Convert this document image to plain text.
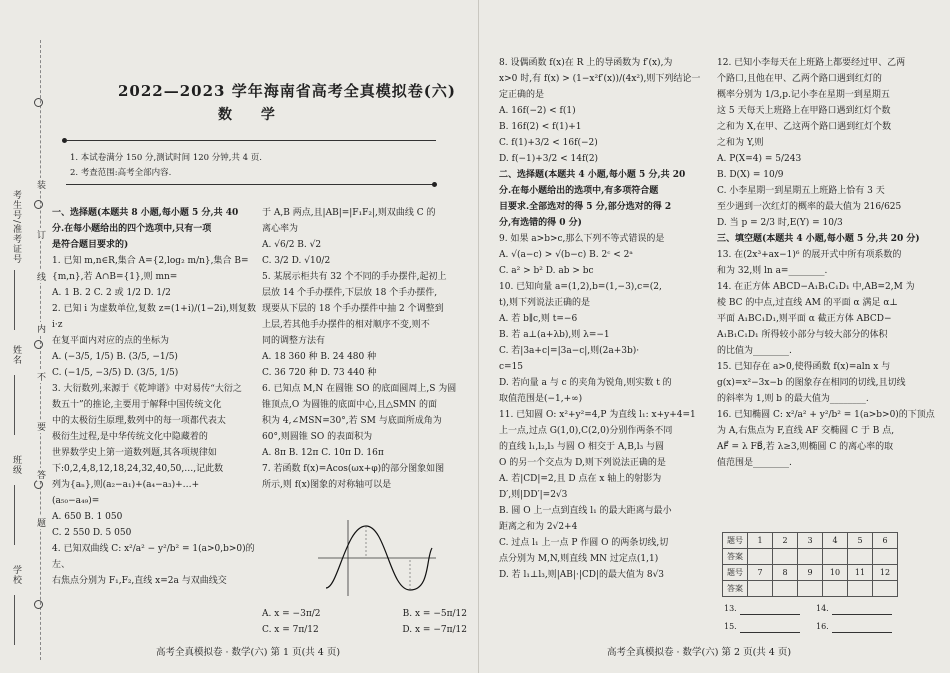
考生号/准考证号
姓名
班级
学校
装
订
线
内
不
要
答
题
2022—2023 学年海南省高考全真模拟卷(六)
数 学
1. 本试卷满分 150 分,测试时间 120 分钟,共 4 页.
2. 考查范围:高考全部内容.

一、选择题(本题共 8 小题,每小题 5 分,共 40

分.在每小题给出的四个选项中,只有一项

是符合题目要求的)

1. 已知 m,n∈R,集合 A={2,log₂ m/n},集合 B=

{m,n},若 A∩B={1},则 mn=

A. 1 B. 2 C. 2 或 1/2 D. 1/2

2. 已知 i 为虚数单位,复数 z=(1+i)/(1−2i),则复数 i·z

在复平面内对应的点的坐标为

A. (−3/5, 1/5) B. (3/5, −1/5)

C. (−1/5, −3/5) D. (3/5, 1/5)

3. 大衍数列,来源于《乾坤谱》中对易传“大衍之

数五十”的推论,主要用于解释中国传统文化

中的太极衍生原理,数列中的每一项都代表太

极衍生过程,是中华传统文化中隐藏着的

世界数学史上第一道数列题,其各项规律如

下:0,2,4,8,12,18,24,32,40,50,…,记此数

列为{aₙ},则(a₂−a₁)+(a₄−a₃)+…+

(a₅₀−a₄₉)=

A. 650 B. 1 050

C. 2 550 D. 5 050

4. 已知双曲线 C: x²/a² − y²/b² = 1(a>0,b>0)的左、

右焦点分别为 F₁,F₂,直线 x=2a 与双曲线交

于 A,B 两点,且|AB|=|F₁F₂|,则双曲线 C 的

离心率为

A. √6/2 B. √2

C. 3/2 D. √10/2

5. 某展示柜共有 32 个不同的手办摆件,起初上

层放 14 个手办摆件,下层放 18 个手办摆件,

现要从下层的 18 个手办摆件中抽 2 个调整到

上层,若其他手办摆件的相对顺序不变,则不

同的调整方法有

A. 18 360 种 B. 24 480 种

C. 36 720 种 D. 73 440 种

6. 已知点 M,N 在圆锥 SO 的底面圆周上,S 为圆

锥顶点,O 为圆锥的底面中心,且△SMN 的面

积为 4,∠MSN=30°,若 SM 与底面所成角为

60°,则圆锥 SO 的表面积为

A. 8π B. 12π C. 10π D. 16π

7. 若函数 f(x)=Acos(ωx+φ)的部分图象如图

所示,则 f(x)图象的对称轴可以是

A. x = −3π/2	B. x = −5π/12
C. x = 7π/12	D. x = −7π/12
高考全真模拟卷 · 数学(六) 第 1 页(共 4 页)

8. 设偶函数 f(x)在 R 上的导函数为 f′(x),为

x>0 时,有 f(x) > (1−x²f′(x))/(4x²),则下列结论一

定正确的是

A. 16f(−2) < f(1)

B. 16f(2) < f(1)+1

C. f(1)+3/2 < 16f(−2)

D. f(−1)+3/2 < 14f(2)

二、选择题(本题共 4 小题,每小题 5 分,共 20

分.在每小题给出的选项中,有多项符合题

目要求.全部选对的得 5 分,部分选对的得 2

分,有选错的得 0 分)

9. 如果 a>b>c,那么下列不等式错误的是

A. √(a−c) > √(b−c) B. 2ᶜ < 2ᵃ

C. a² > b² D. ab > bc

10. 已知向量 a=(1,2),b=(1,−3),c=(2,

t),则下列说法正确的是

A. 若 b∥c,则 t=−6

B. 若 a⊥(a+λb),则 λ=−1

C. 若|3a+c|=|3a−c|,则(2a+3b)·

c=15

D. 若向量 a 与 c 的夹角为锐角,则实数 t 的

取值范围是(−1,+∞)

11. 已知圆 O: x²+y²=4,P 为直线 l₁: x+y+4=1

上一点,过点 G(1,0),C(2,0)分别作两条不同

的直线 l₁,l₂,l₃ 与圆 O 相交于 A,B,l₃ 与圆

O 的另一个交点为 D,则下列说法正确的是

A. 若|CD|=2,且 D 点在 x 轴上的射影为

D′,则|DD′|=2√3

B. 圆 O 上一点到直线 l₁ 的最大距离与最小

距离之和为 2√2+4

C. 过点 l₁ 上一点 P 作圆 O 的两条切线,切

点分别为 M,N,则直线 MN 过定点(1,1)

D. 若 l₁⊥l₃,则|AB|·|CD|的最大值为 8√3

12. 已知小李每天在上班路上都要经过甲、乙两

个路口,且他在甲、乙两个路口遇到红灯的

概率分别为 1/3,p.记小李在星期一到星期五

这 5 天每天上班路上在甲路口遇到红灯个数

之和为 X,在甲、乙这两个路口遇到红灯个数

之和为 Y,则

A. P(X=4) = 5/243

B. D(X) = 10/9

C. 小李星期一到星期五上班路上恰有 3 天

至少遇到一次红灯的概率的最大值为 216/625

D. 当 p = 2/3 时,E(Y) = 10/3

三、填空题(本题共 4 小题,每小题 5 分,共 20 分)

13. 在(2x³+ax−1)⁶ 的展开式中所有项系数的

和为 32,则 ln a=________.

14. 在正方体 ABCD−A₁B₁C₁D₁ 中,AB=2,M 为

棱 BC 的中点,过直线 AM 的平面 α 满足 α⊥

平面 A₁BC₁D₁,则平面 α 截正方体 ABCD−

A₁B₁C₁D₁ 所得较小部分与较大部分的体积

的比值为________.

15. 已知存在 a>0,使得函数 f(x)=aln x 与

g(x)=x²−3x−b 的图象存在相同的切线,且切线

的斜率为 1,则 b 的最大值为________.

16. 已知椭圆 C: x²/a² + y²/b² = 1(a>b>0)的下顶点

为 A,右焦点为 F,直线 AF 交椭圆 C 于 B 点,

AF⃗ = λ FB⃗,若 λ≥3,则椭圆 C 的离心率的取

值范围是________.

高考全真模拟卷 · 数学(六) 第 2 页(共 4 页)
题号	1	2	3	4	5	6
答案						
题号	7	8	9	10	11	12
答案						
13.	14.
15.	16.
